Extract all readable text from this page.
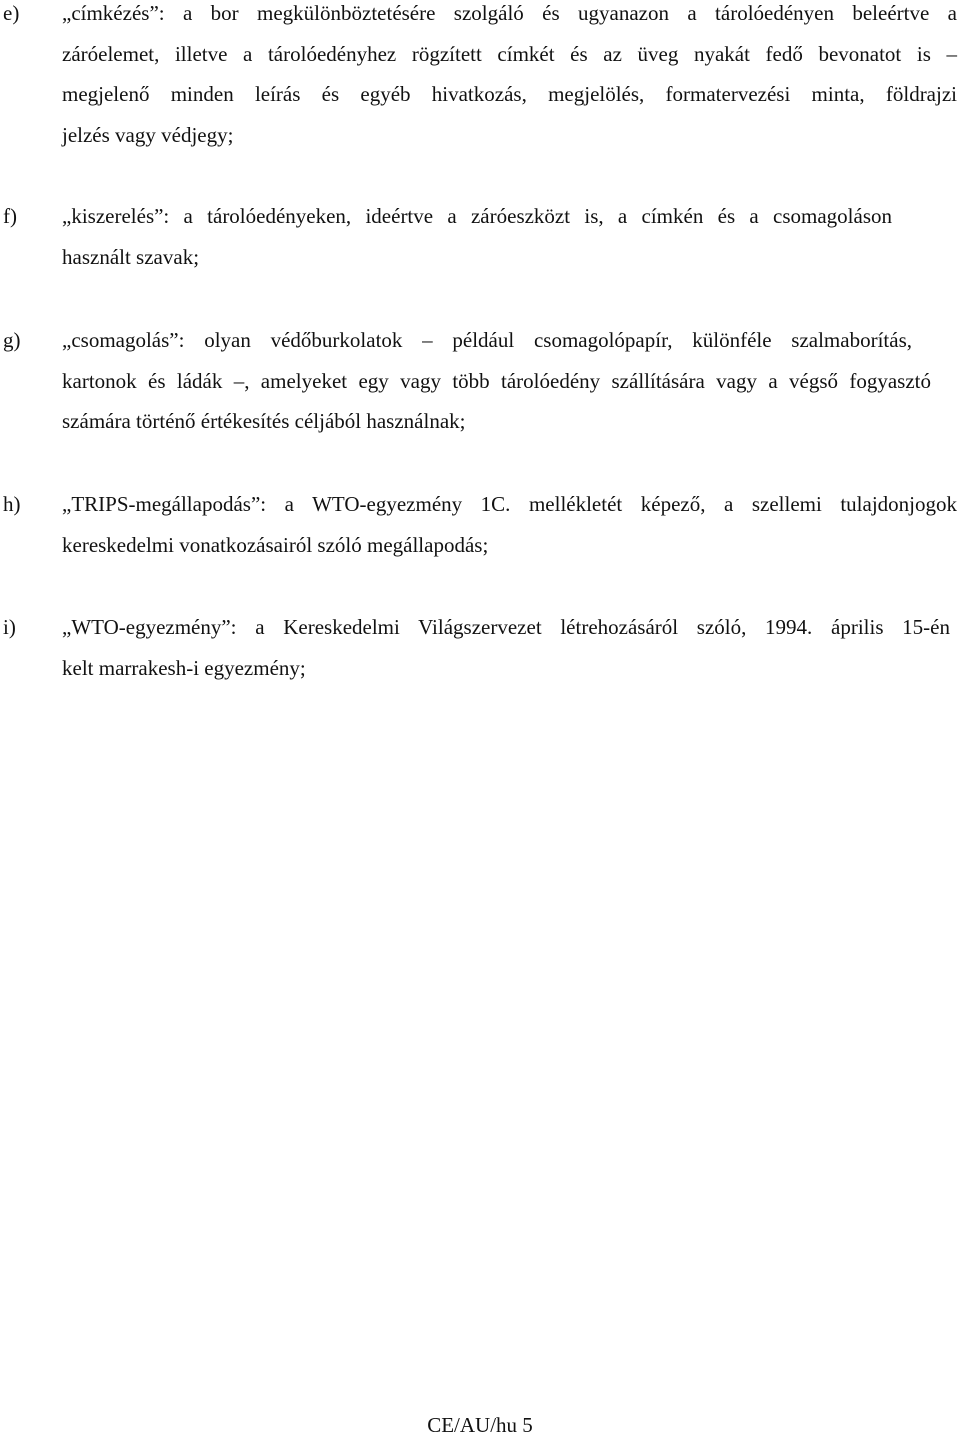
e) „címkézés”: a bor megkülönböztetésére szolgáló és ugyanazon a tárolóedényen beleértve a
záróelemet, illetve a tárolóedényhez rögzített címkét és az üveg nyakát fedő bevonatot is –
megjelenő minden leírás és egyéb hivatkozás, megjelölés, formatervezési minta, földrajzi
jelzés vagy védjegy;
f) „kiszerelés”: a tárolóedényeken, ideértve a záróeszközt is, a címkén és a csomagoláson
használt szavak;
g) „csomagolás”: olyan védőburkolatok – például csomagolópapír, különféle szalmaborítás,
kartonok és ládák –, amelyeket egy vagy több tárolóedény szállítására vagy a végső fogyasztó
számára történő értékesítés céljából használnak;
h) „TRIPS-megállapodás”: a WTO-egyezmény 1C. mellékletét képező, a szellemi tulajdonjogok
kereskedelmi vonatkozásairól szóló megállapodás;
i) „WTO-egyezmény”: a Kereskedelmi Világszervezet létrehozásáról szóló, 1994. április 15-én
kelt marrakesh-i egyezmény;
CE/AU/hu 5
